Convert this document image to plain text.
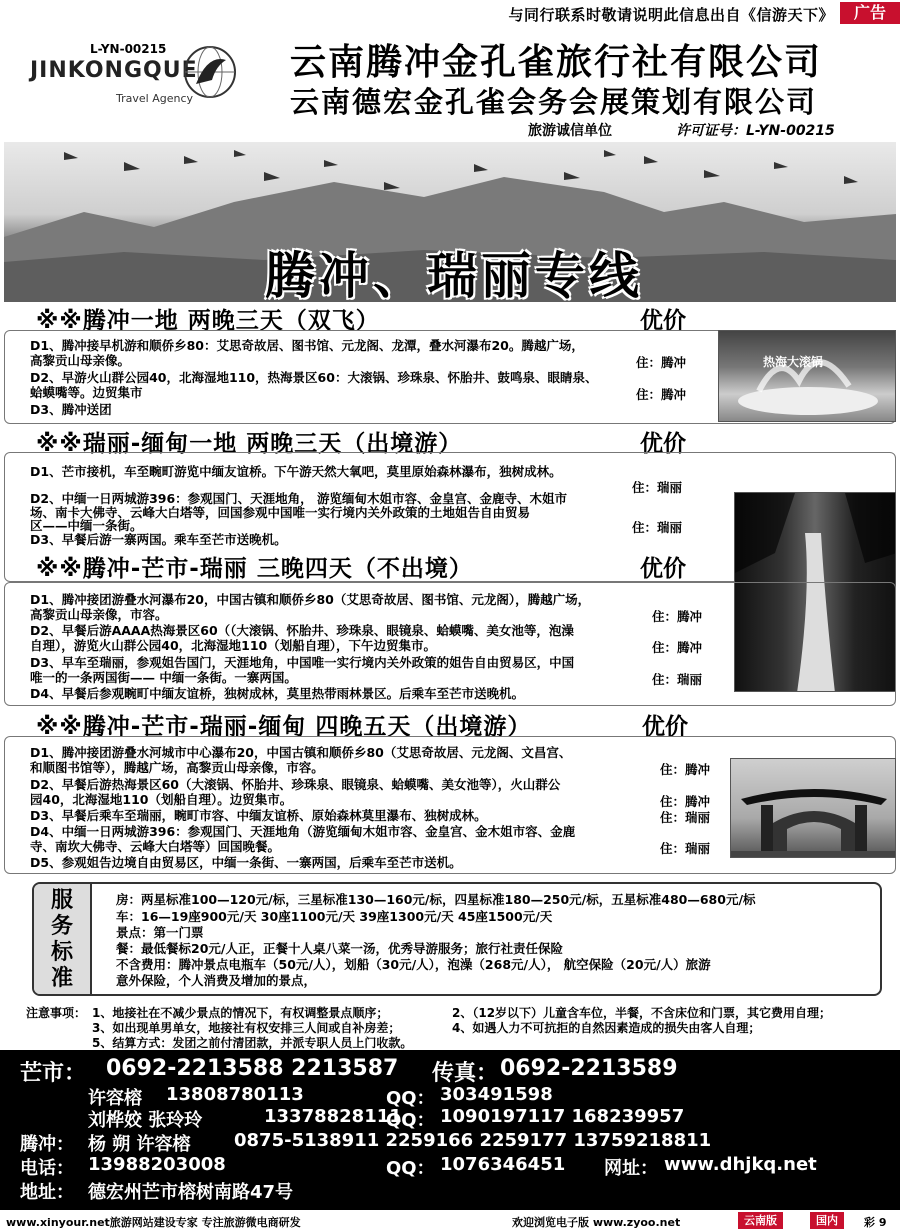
与同行联系时敬请说明此信息出自《信游天下》	广告
L-YN-00215
JINKONGQUE
Travel Agency
云南腾冲金孔雀旅行社有限公司
云南德宏金孔雀会务会展策划有限公司
旅游诚信单位	许可证号：L-YN-00215
腾冲、瑞丽专线
※※腾冲一地 两晚三天（双飞）	优价
D1、腾冲接早机游和顺侨乡80：艾思奇故居、图书馆、元龙阁、龙潭，叠水河瀑布20。腾越广场，
高黎贡山母亲像。
D2、早游火山群公园40，北海湿地110，热海景区60：大滚锅、珍珠泉、怀胎井、鼓鸣泉、眼睛泉、
蛤蟆嘴等。边贸集市
D3、腾冲送团
住：腾冲
住：腾冲
热海大滚锅
※※瑞丽-缅甸一地 两晚三天（出境游）	优价
D1、芒市接机，车至畹町游览中缅友谊桥。下午游天然大氧吧，莫里原始森林瀑布，独树成林。
D2、中缅一日两城游396：参观国门、天涯地角， 游览缅甸木姐市容、金皇宫、金鹿寺、木姐市
场、南卡大佛寺、云峰大白塔等，回国参观中国唯一实行境内关外政策的土地姐告自由贸易
区——中缅一条街。
D3、早餐后游一寨两国。乘车至芒市送晚机。
住：瑞丽
住：瑞丽
※※腾冲-芒市-瑞丽 三晚四天（不出境）	优价
D1、腾冲接团游叠水河瀑布20，中国古镇和顺侨乡80（艾思奇故居、图书馆、元龙阁），腾越广场，
高黎贡山母亲像，市容。
D2、早餐后游AAAA热海景区60（（大滚锅、怀胎井、珍珠泉、眼镜泉、蛤蟆嘴、美女池等，泡澡
自理），游览火山群公园40，北海湿地110（划船自理），下午边贸集市。
D3、早车至瑞丽，参观姐告国门，天涯地角，中国唯一实行境内关外政策的姐告自由贸易区，中国
唯一的一条两国街—— 中缅一条街。一寨两国。
D4、早餐后参观畹町中缅友谊桥，独树成林，莫里热带雨林景区。后乘车至芒市送晚机。
住：腾冲
住：腾冲
住：瑞丽
※※腾冲-芒市-瑞丽-缅甸 四晚五天（出境游）	优价
D1、腾冲接团游叠水河城市中心瀑布20，中国古镇和顺侨乡80（艾思奇故居、元龙阁、文昌宫、
和顺图书馆等），腾越广场，高黎贡山母亲像，市容。
D2、早餐后游热海景区60（大滚锅、怀胎井、珍珠泉、眼镜泉、蛤蟆嘴、美女池等），火山群公
园40，北海湿地110（划船自理）。边贸集市。
D3、早餐后乘车至瑞丽，畹町市容、中缅友谊桥、原始森林莫里瀑布、独树成林。
D4、中缅一日两城游396：参观国门、天涯地角（游览缅甸木姐市容、金皇宫、金木姐市容、金鹿
寺、南坎大佛寺、云峰大白塔等）回国晚餐。
D5、参观姐告边境自由贸易区，中缅一条街、一寨两国，后乘车至芒市送机。
住：腾冲
住：腾冲
住：瑞丽
住：瑞丽
服
务
标
准
房：两星标准100—120元/标，三星标准130—160元/标，四星标准180—250元/标，五星标准480—680元/标
车：16—19座900元/天 30座1100元/天 39座1300元/天 45座1500元/天
景点：第一门票
餐：最低餐标20元/人正，正餐十人桌八菜一汤，优秀导游服务；旅行社责任保险
不含费用：腾冲景点电瓶车（50元/人），划船（30元/人），泡澡（268元/人）， 航空保险（20元/人）旅游
意外保险，个人消费及增加的景点，
注意事项： 1、地接社在不减少景点的情况下，有权调整景点顺序；	2、（12岁以下）儿童含车位，半餐，不含床位和门票，其它费用自理；
3、如出现单男单女，地接社有权安排三人间或自补房差；	4、如遇人力不可抗拒的自然因素造成的损失由客人自理；
5、结算方式：发团之前付清团款，并派专职人员上门收款。
芒市： 0692-2213588 2213587 传真： 0692-2213589
许容榕 13808780113	QQ： 303491598
刘桦姣 张玲玲	13378828111
QQ： 1090197117 168239957
腾冲： 杨 朔 许容榕 0875-5138911 2259166 2259177 13759218811
电话： 13988203008	QQ： 1076346451 网址： www.dhjkq.net
地址： 德宏州芒市榕树南路47号
www.xinyour.net旅游网站建设专家 专注旅游微电商研发	欢迎浏览电子版 www.zyoo.net	云南版	国内	彩 9
